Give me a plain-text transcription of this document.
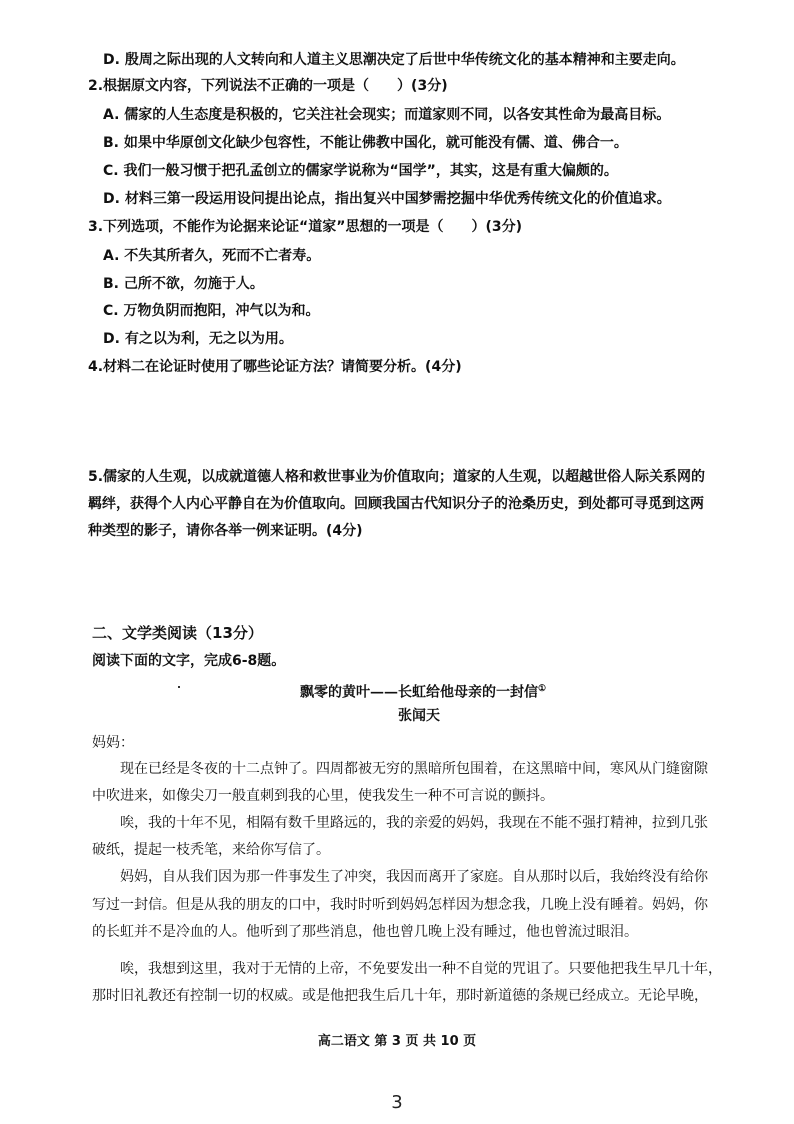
D. 殷周之际出现的人文转向和人道主义思潮决定了后世中华传统文化的基本精神和主要走向。
2.根据原文内容，下列说法不正确的一项是（　　）(3分)
A. 儒家的人生态度是积极的，它关注社会现实；而道家则不同，以各安其性命为最高目标。
B. 如果中华原创文化缺少包容性，不能让佛教中国化，就可能没有儒、道、佛合一。
C. 我们一般习惯于把孔孟创立的儒家学说称为“国学”，其实，这是有重大偏颇的。
D. 材料三第一段运用设问提出论点，指出复兴中国梦需挖掘中华优秀传统文化的价值追求。
3.下列选项，不能作为论据来论证“道家”思想的一项是（　　）(3分)
A. 不失其所者久，死而不亡者寿。
B. 己所不欲，勿施于人。
C. 万物负阴而抱阳，冲气以为和。
D. 有之以为利，无之以为用。
4.材料二在论证时使用了哪些论证方法？请简要分析。(4分)
5.儒家的人生观，以成就道德人格和救世事业为价值取向；道家的人生观，以超越世俗人际关系网的
羁绊，获得个人内心平静自在为价值取向。回顾我国古代知识分子的沧桑历史，到处都可寻觅到这两
种类型的影子，请你各举一例来证明。(4分)
二、文学类阅读（13分）
阅读下面的文字，完成6-8题。
飘零的黄叶——长虹给他母亲的一封信①
张闻天
妈妈：
现在已经是冬夜的十二点钟了。四周都被无穷的黑暗所包围着，在这黑暗中间，寒风从门缝窗隙
中吹进来，如像尖刀一般直刺到我的心里，使我发生一种不可言说的颤抖。
唉，我的十年不见，相隔有数千里路远的，我的亲爱的妈妈，我现在不能不强打精神，拉到几张
破纸，提起一枝秃笔，来给你写信了。
妈妈，自从我们因为那一件事发生了冲突，我因而离开了家庭。自从那时以后，我始终没有给你
写过一封信。但是从我的朋友的口中，我时时听到妈妈怎样因为想念我，几晚上没有睡着。妈妈，你
的长虹并不是冷血的人。他听到了那些消息，他也曾几晚上没有睡过，他也曾流过眼泪。
唉，我想到这里，我对于无情的上帝，不免要发出一种不自觉的咒诅了。只要他把我生早几十年，
那时旧礼教还有控制一切的权威。或是他把我生后几十年，那时新道德的条规已经成立。无论早晚，
高二语文 第 3 页 共 10 页
3
